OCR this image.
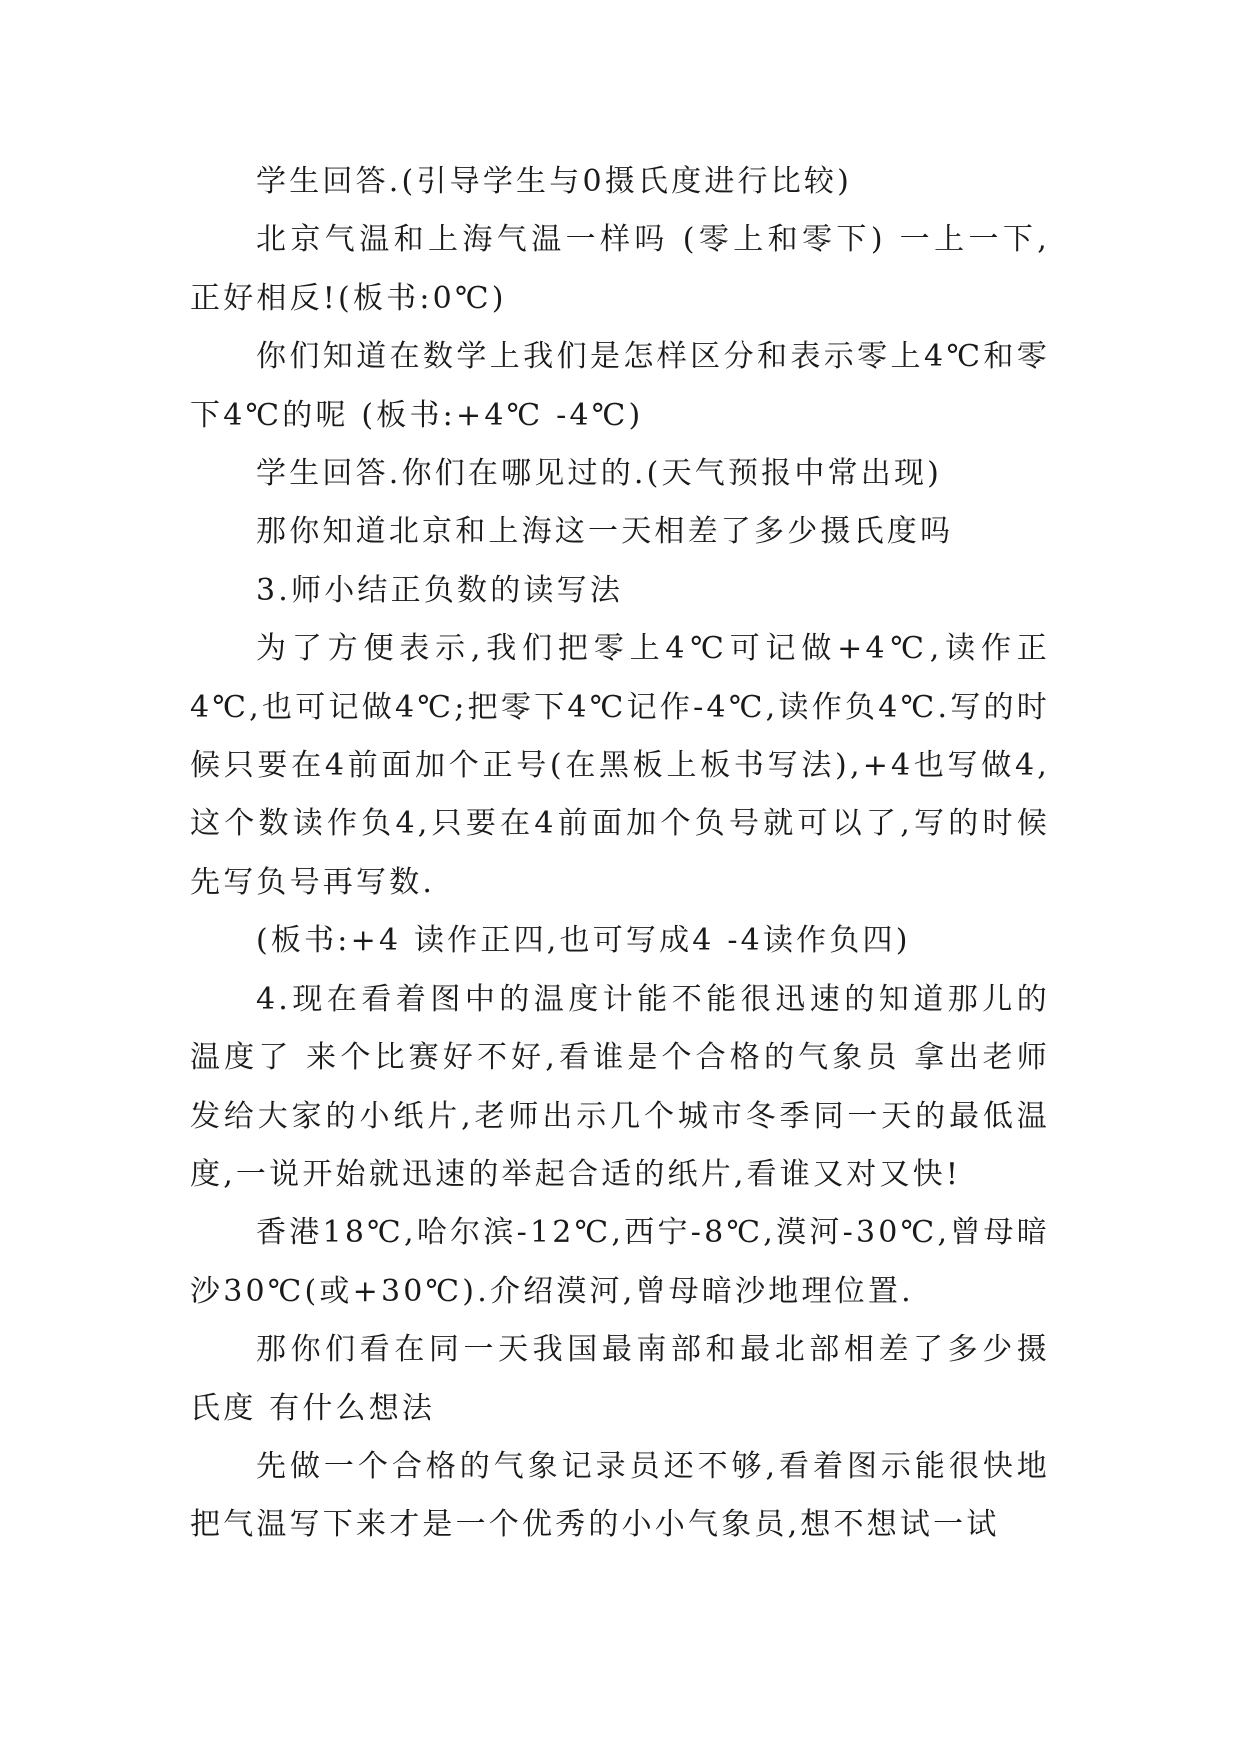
学生回答.(引导学生与0摄氏度进行比较)

北京气温和上海气温一样吗 (零上和零下) 一上一下,正好相反!(板书:0℃)

你们知道在数学上我们是怎样区分和表示零上4℃和零下4℃的呢 (板书:+4℃ -4℃)

学生回答.你们在哪见过的.(天气预报中常出现)

那你知道北京和上海这一天相差了多少摄氏度吗

3.师小结正负数的读写法

为了方便表示,我们把零上4℃可记做+4℃,读作正4℃,也可记做4℃;把零下4℃记作-4℃,读作负4℃.写的时候只要在4前面加个正号(在黑板上板书写法),+4也写做4,这个数读作负4,只要在4前面加个负号就可以了,写的时候先写负号再写数.

(板书:+4 读作正四,也可写成4 -4读作负四)

4.现在看着图中的温度计能不能很迅速的知道那儿的温度了 来个比赛好不好,看谁是个合格的气象员 拿出老师发给大家的小纸片,老师出示几个城市冬季同一天的最低温度,一说开始就迅速的举起合适的纸片,看谁又对又快!

香港18℃,哈尔滨-12℃,西宁-8℃,漠河-30℃,曾母暗沙30℃(或+30℃).介绍漠河,曾母暗沙地理位置.

那你们看在同一天我国最南部和最北部相差了多少摄氏度 有什么想法

先做一个合格的气象记录员还不够,看着图示能很快地把气温写下来才是一个优秀的小小气象员,想不想试一试
